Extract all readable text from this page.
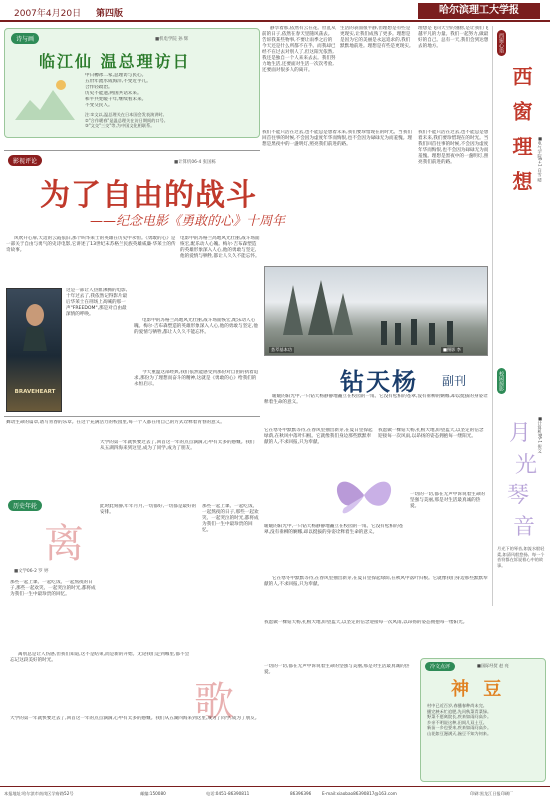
2007年4月20日 第四版	哈尔滨理工大学报
诗与画	■机电学院 孙 辉
临江仙 温总理访日
中日樽冰二家,总理访与民心。
五卅年流水成海洋,不变近乎几。
合作轻政治。
历史不能遗,两国共话未来。
和平共处暖千年,继续看未来。
不变交民人。
注:①文以,温总理关在日本国会发表演讲时。
②"合作暖春"是温总理关在访日期间的口号。
③"文交"三交"等,为中国文化相联系。
静享着那,依然有云在花。但乱从前的日子,依然在春天里随风荡去。告诉我某些物事,不要让雨季之后的今天还是什么所都不在乎。而我却已经不在过去对别人了,但这阳光依然,我还是独自一个人来来去去。我们努力地生活,还要面对生活一次次考验,还要面对很多人的离开。
生活的表面很平静,但理想是有些是更现实,让我们成熟了更多。理想是是因为它的美丽是永远追求的,我们默默地前进。理想是有些是更现实。
理想是飞向天空的翅膀,是让我们飞越平凡的力量。我们一起努力,做最好的自己。总有一天,我们会到达想去的地方。
我们不能只活在过去,也不能总是想着未来,我们要珍惜现在的时光。当我们回首往事的时候,不会因为虚度年华而悔恨,也不会因为碌碌无为而羞愧。理想是黑夜中的一盏明灯,照亮我们前进的路。
我们不能只活在过去,也不能总是想着未来,我们要珍惜现在的时光。当我们回首往事的时候,不会因为虚度年华而悔恨,也不会因为碌碌无为而羞愧。理想是黑夜中的一盏明灯,照亮我们前进的路。
西窗心语
西 窗 理 想	■电气学院0+1 白雪 晴
影视评论	■计算机06-4 张国栋
为了自由的战斗
——纪念电影《勇敢的心》十周年
风吹开心扉,天边的云霞依旧,那个叫华莱士的英雄在历史中永恒。《勇敢的心》是一部关于自由与勇气的史诗电影,它讲述了13世纪末苏格兰民族英雄威廉·华莱士的传奇故事。
电影中的苏格兰高地风光壮丽,战斗场面恢宏,配乐动人心魄。梅尔·吉布森塑造的英雄形象深入人心,他的勇敢与坚定,他的爱情与牺牲,都让人久久不能忘怀。
BRAVEHEART
这是一部让人热血沸腾的电影,十年过去了,我依然记得影片最后华莱士在刑场上高喊的那一声"FREEDOM",那是对自由最深情的呼唤。
电影中的苏格兰高地风光壮丽,战斗场面恢宏,配乐动人心魄。梅尔·吉布森塑造的英雄形象深入人心,他的勇敢与坚定,他的爱情与牺牲,都让人久久不能忘怀。
今天重温这部经典,我们依然能感受到那份对自由的执着追求,那份为了理想而奋斗的精神,这就是《勇敢的心》给我们的永恒启示。
荟萃基本功	■摄影 李
钻天杨 副刊
暖暖的阳光中,一只钻天杨静静地矗立在校园的一角。它没有松柏的苍翠,没有垂柳的婀娜,却以挺拔的身姿诠释着生命的意义。
它在寒冬中默默等待,在春风里抽出新芽,在夏日里撑起绿荫,在秋风中落叶归根。它就像我们身边那些默默奉献的人,不求回报,只为奉献。
我愿做一棵钻天杨,扎根大地,仰望蓝天,以坚定的信念迎接每一次风雨,以昂扬的姿态拥抱每一缕阳光。
一切的一切,都在无声中诉说着生命的坚强与美丽,那是对生活最真诚的热爱。
暖暖的阳光中,一只钻天杨静静地矗立在校园的一角。它没有松柏的苍翠,没有垂柳的婀娜,却以挺拔的身姿诠释着生命的意义。
它在寒冬中默默等待,在春风里抽出新芽,在夏日里撑起绿荫,在秋风中落叶归根。它就像我们身边那些默默奉献的人,不求回报,只为奉献。
校园掠影
月
光
琴
音
■计算机06-1 倪文
月光下的琴音,如流水般轻柔,如清风般悠扬。每一个音符都在诉说着心中的故事。
舞动生命的篇章,谱写青春的乐章。在这个充满活力的校园里,每一个人都在用自己的方式诠释着青春的意义。
历史年轮
离
■文学06-2 罗 婷
大学的第一年就快要过去了,回首这一年的点点滴滴,心中有太多的感慨。我们从五湖四海来到这里,成为了同学,成为了朋友。
此时此刻静,年年月月,一切都好,一切都是最好的安排。
那些一起上课、一起吃饭、一起熬夜的日子,那些一起欢笑、一起哭泣的时光,都将成为我们一生中最珍贵的回忆。
那些一起上课、一起吃饭、一起熬夜的日子,那些一起欢笑、一起哭泣的时光,都将成为我们一生中最珍贵的回忆。
离别总是让人伤感,但我们知道,这不是结束,而是新的开始。无论我们走到哪里,都不会忘记这段美好的时光。
歌
大学的第一年就快要过去了,回首这一年的点点滴滴,心中有太多的感慨。我们从五湖四海来到这里,成为了同学,成为了朋友。
我愿做一棵钻天杨,扎根大地,仰望蓝天,以坚定的信念迎接每一次风雨,以昂扬的姿态拥抱每一缕阳光。
冷文点评	■国际经贸 赵 亮
神 豆
村中已近百岁,春播春种尚未完。
播完秧禾忙追肥,先问秋菜青菜绿。
野菜不愿离院长,疾来如雨问高乡。
乡亲不明说这种,田间几双土豆。
新苗一乡也要来,疾来如雨问高乡。
山花如豆漫满天,豌豆不知为何来。
一切的一切,都在无声中诉说着生命的坚强与美丽,那是对生活最真诚的热爱。
本报地址:哈尔滨市南岗区学府路52号	邮编:150080	电话:0451-86390811	86396396	E-mail:xiaobao86390817@163.com	印刷:黑龙江日报印刷厂
